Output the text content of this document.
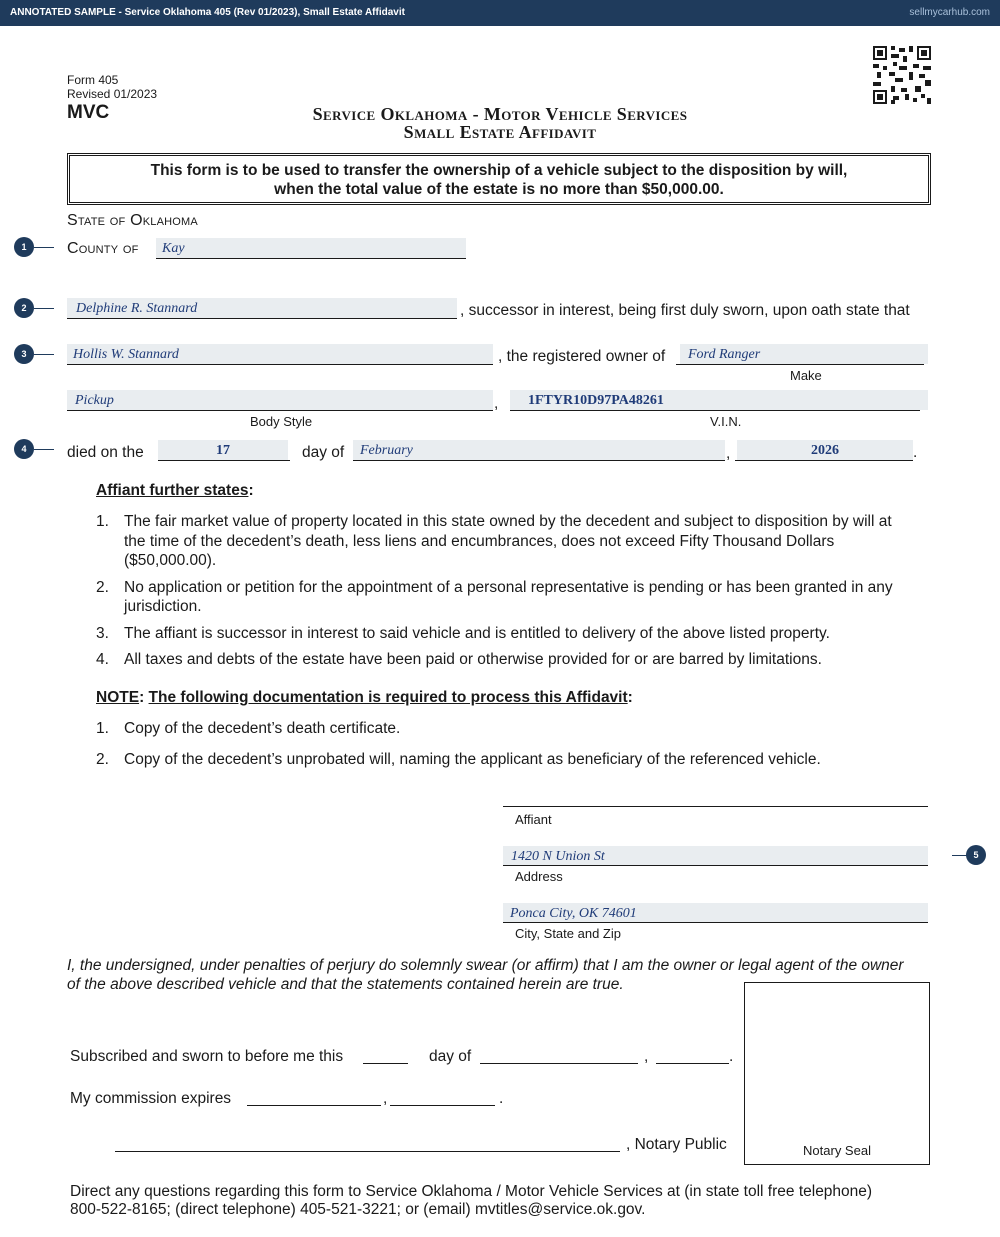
ANNOTATED SAMPLE - Service Oklahoma 405 (Rev 01/2023), Small Estate Affidavit	sellmycarhub.com
Form 405
Revised 01/2023
MVC	Service Oklahoma - Motor Vehicle Services
Small Estate Affidavit
This form is to be used to transfer the ownership of a vehicle subject to the disposition by will,
when the total value of the estate is no more than $50,000.00.
State of Oklahoma
County of Kay
1
2	Delphine R. Stannard	, successor in interest, being first duly sworn, upon oath state that
3	Hollis W. Stannard	, the registered owner of Ford Ranger
Make
Pickup	,
Body Style
1FTYR10D97PA48261
V.I.N.
4	died on the	17	day of February	,	2026	.
Affiant further states:
1. The fair market value of property located in this state owned by the decedent and subject to disposition by will at the time of the decedent’s death, less liens and encumbrances, does not exceed Fifty Thousand Dollars ($50,000.00).
2. No application or petition for the appointment of a personal representative is pending or has been granted in any jurisdiction.
3. The affiant is successor in interest to said vehicle and is entitled to delivery of the above listed property.
4. All taxes and debts of the estate have been paid or otherwise provided for or are barred by limitations.
NOTE: The following documentation is required to process this Affidavit:
1. Copy of the decedent’s death certificate.
2. Copy of the decedent’s unprobated will, naming the applicant as beneficiary of the referenced vehicle.
Affiant
1420 N Union St
Address
5
Ponca City, OK 74601
City, State and Zip
I, the undersigned, under penalties of perjury do solemnly swear (or affirm) that I am the owner or legal agent of the owner
of the above described vehicle and that the statements contained herein are true.
Notary Seal
Subscribed and sworn to before me this	day of	,	.
My commission expires	,	.
, Notary Public
Direct any questions regarding this form to Service Oklahoma / Motor Vehicle Services at (in state toll free telephone)
800-522-8165; (direct telephone) 405-521-3221; or (email) mvtitles@service.ok.gov.
